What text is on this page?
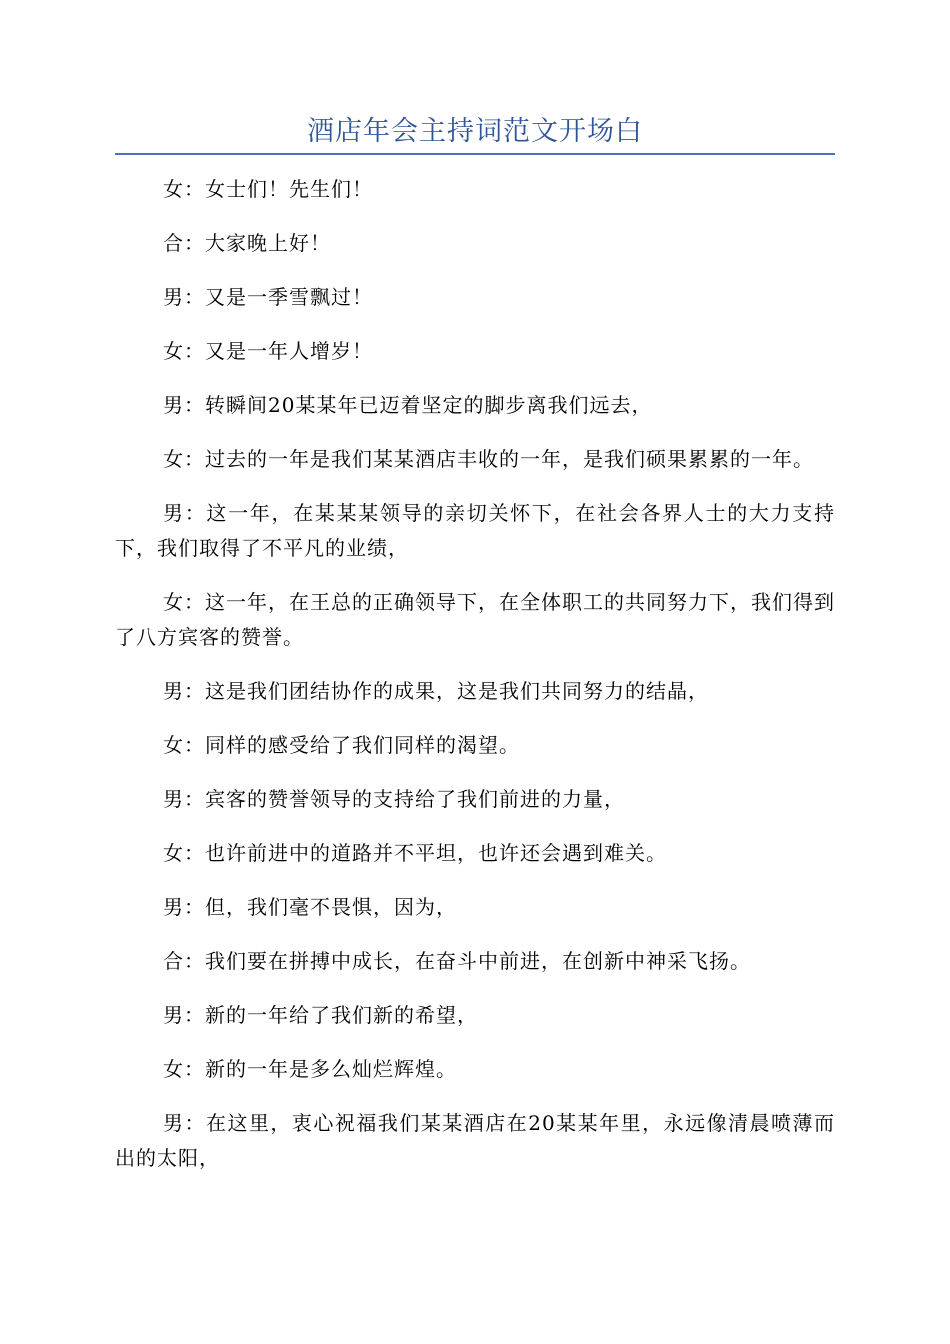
酒店年会主持词范文开场白

女：女士们！先生们！

合：大家晚上好！

男：又是一季雪飘过！

女：又是一年人增岁！

男：转瞬间20某某年已迈着坚定的脚步离我们远去，

女：过去的一年是我们某某酒店丰收的一年，是我们硕果累累的一年。

男：这一年，在某某某领导的亲切关怀下，在社会各界人士的大力支持下，我们取得了不平凡的业绩，

女：这一年，在王总的正确领导下，在全体职工的共同努力下，我们得到了八方宾客的赞誉。

男：这是我们团结协作的成果，这是我们共同努力的结晶，

女：同样的感受给了我们同样的渴望。

男：宾客的赞誉领导的支持给了我们前进的力量，

女：也许前进中的道路并不平坦，也许还会遇到难关。

男：但，我们毫不畏惧，因为，

合：我们要在拼搏中成长，在奋斗中前进，在创新中神采飞扬。

男：新的一年给了我们新的希望，

女：新的一年是多么灿烂辉煌。

男：在这里，衷心祝福我们某某酒店在20某某年里，永远像清晨喷薄而出的太阳，
